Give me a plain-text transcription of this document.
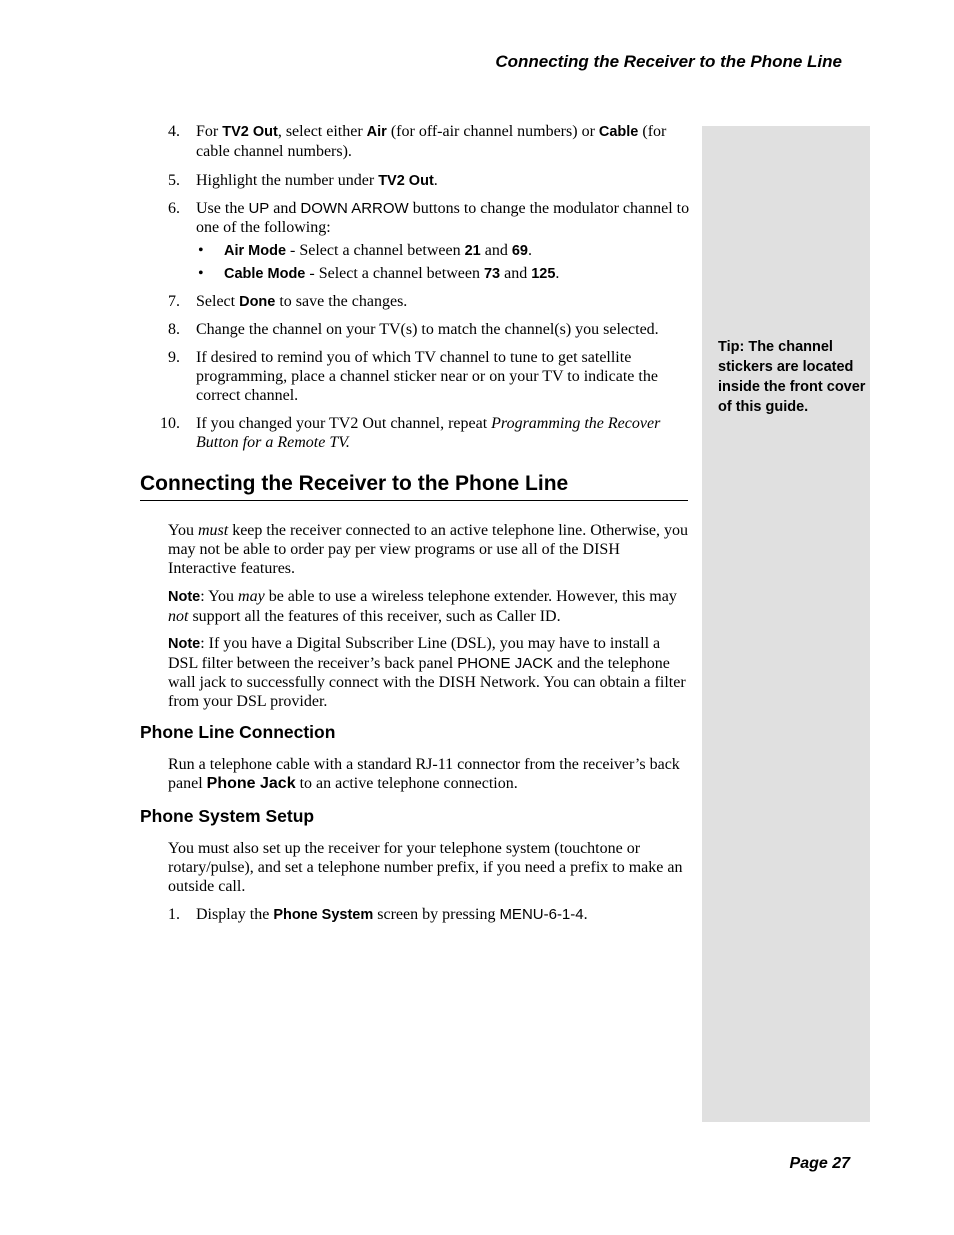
Connecting the Receiver to the Phone Line
Tip: The channel stickers are located inside the front cover of this guide.
4. For TV2 Out, select either Air (for off-air channel numbers) or Cable (for cable channel numbers).
5. Highlight the number under TV2 Out.
6. Use the UP and DOWN ARROW buttons to change the modulator channel to one of the following:
• Air Mode - Select a channel between 21 and 69.
• Cable Mode - Select a channel between 73 and 125.
7. Select Done to save the changes.
8. Change the channel on your TV(s) to match the channel(s) you selected.
9. If desired to remind you of which TV channel to tune to get satellite programming, place a channel sticker near or on your TV to indicate the correct channel.
10. If you changed your TV2 Out channel, repeat Programming the Recover Button for a Remote TV.
Connecting the Receiver to the Phone Line
You must keep the receiver connected to an active telephone line. Otherwise, you may not be able to order pay per view programs or use all of the DISH Interactive features.
Note: You may be able to use a wireless telephone extender. However, this may not support all the features of this receiver, such as Caller ID.
Note: If you have a Digital Subscriber Line (DSL), you may have to install a DSL filter between the receiver’s back panel PHONE JACK and the telephone wall jack to successfully connect with the DISH Network. You can obtain a filter from your DSL provider.
Phone Line Connection
Run a telephone cable with a standard RJ-11 connector from the receiver’s back panel Phone Jack to an active telephone connection.
Phone System Setup
You must also set up the receiver for your telephone system (touchtone or rotary/pulse), and set a telephone number prefix, if you need a prefix to make an outside call.
1. Display the Phone System screen by pressing MENU-6-1-4.
Page 27
